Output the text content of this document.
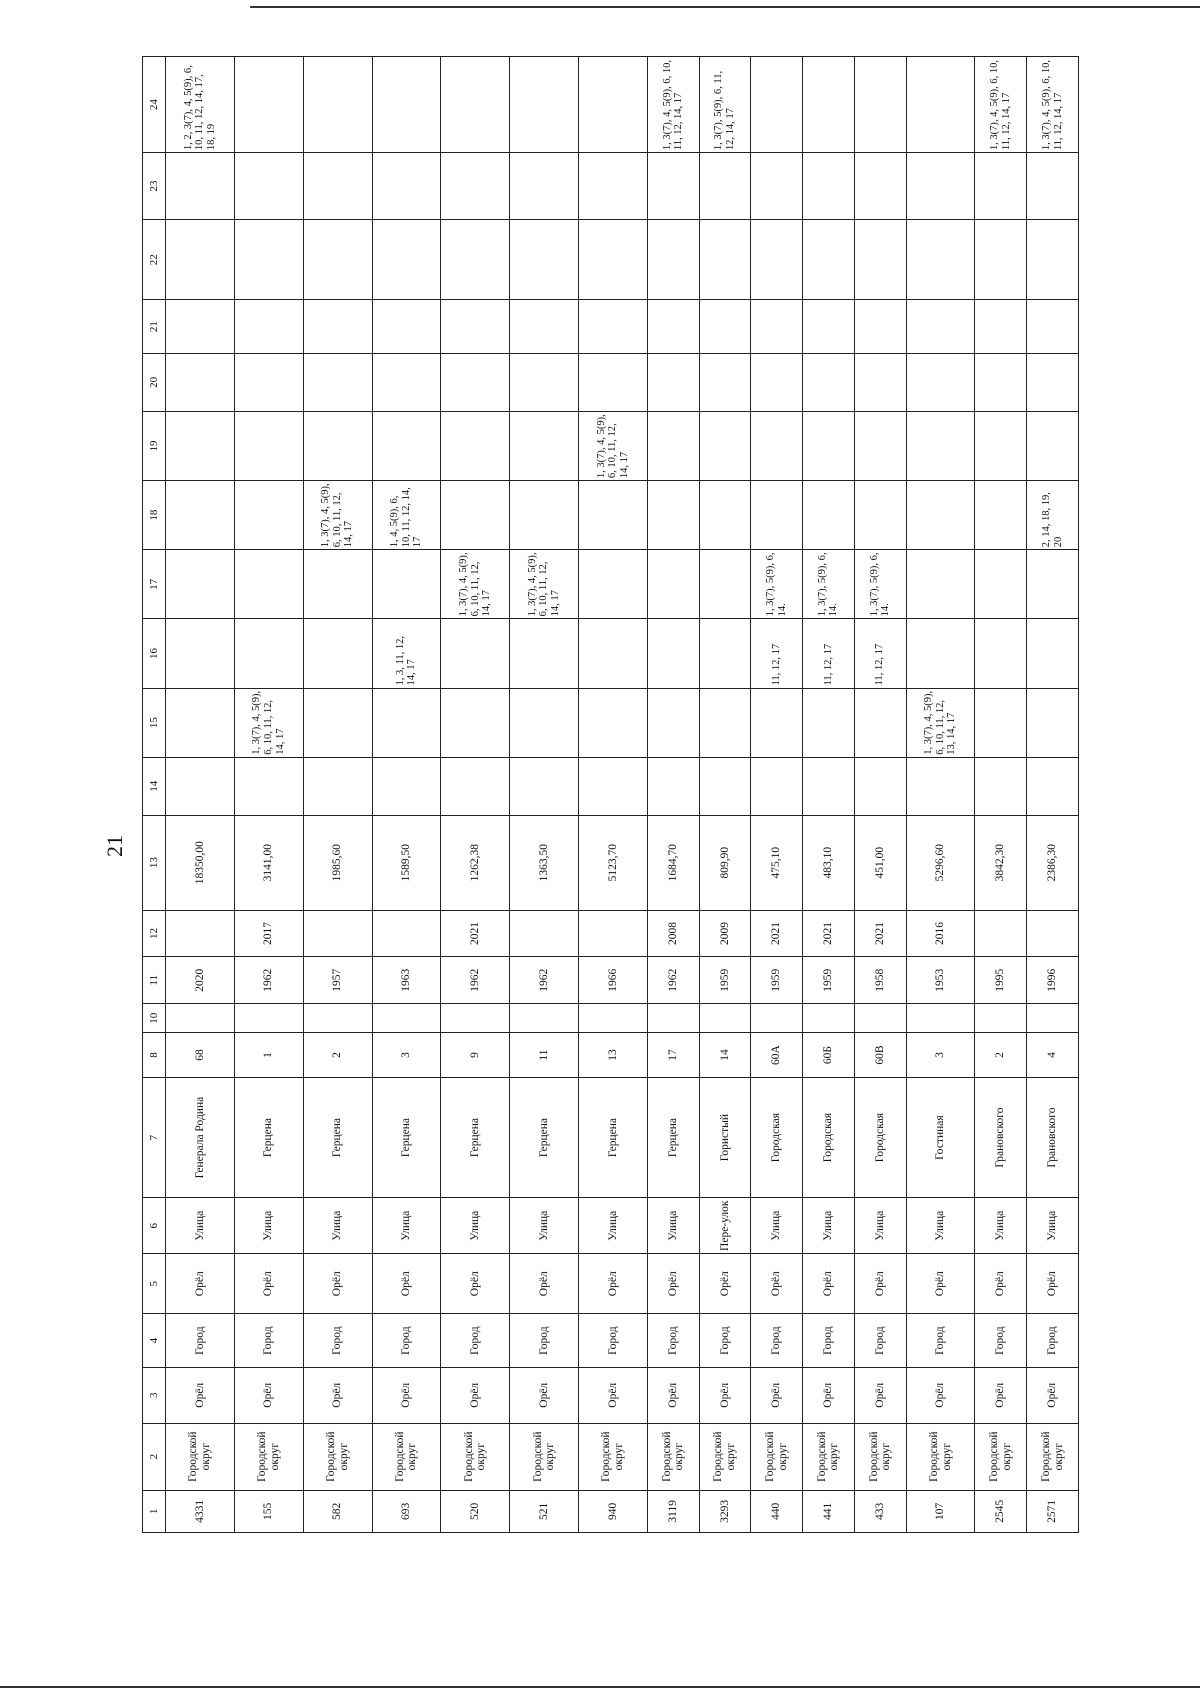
21
1	2	3	4	5	6	7	8	10	11	12	13	14	15	16	17	18	19	20	21	22	23	24
4331	Городской округ	Орёл	Город	Орёл	Улица	Генерала Родина	68		2020		18350,00											1, 2, 3(7), 4, 5(9), 6, 10, 11, 12, 14, 17, 18, 19
155	Городской округ	Орёл	Город	Орёл	Улица	Герцена	1		1962	2017	3141,00		1, 3(7), 4, 5(9), 6, 10, 11, 12, 14, 17									
582	Городской округ	Орёл	Город	Орёл	Улица	Герцена	2		1957		1985,60					1, 3(7), 4, 5(9), 6, 10, 11, 12, 14, 17						
693	Городской округ	Орёл	Город	Орёл	Улица	Герцена	3		1963		1589,50			1, 3, 11, 12, 14, 17		1, 4, 5(9), 6, 10, 11, 12, 14, 17						
520	Городской округ	Орёл	Город	Орёл	Улица	Герцена	9		1962	2021	1262,38				1, 3(7), 4, 5(9), 6, 10, 11, 12, 14, 17							
521	Городской округ	Орёл	Город	Орёл	Улица	Герцена	11		1962		1363,50				1, 3(7), 4, 5(9), 6, 10, 11, 12, 14, 17							
940	Городской округ	Орёл	Город	Орёл	Улица	Герцена	13		1966		5123,70						1, 3(7), 4, 5(9), 6, 10, 11, 12, 14, 17					
3119	Городской округ	Орёл	Город	Орёл	Улица	Герцена	17		1962	2008	1684,70											1, 3(7), 4, 5(9), 6, 10, 11, 12, 14, 17
3293	Городской округ	Орёл	Город	Орёл	Пере-улок	Гористый	14		1959	2009	809,90											1, 3(7), 5(9), 6, 11, 12, 14, 17
440	Городской округ	Орёл	Город	Орёл	Улица	Городская	60А		1959	2021	475,10			11, 12, 17	1, 3(7), 5(9), 6, 14.							
441	Городской округ	Орёл	Город	Орёл	Улица	Городская	60Б		1959	2021	483,10			11, 12, 17	1, 3(7), 5(9), 6, 14.							
433	Городской округ	Орёл	Город	Орёл	Улица	Городская	60В		1958	2021	451,00			11, 12, 17	1, 3(7), 5(9), 6, 14.							
107	Городской округ	Орёл	Город	Орёл	Улица	Гостиная	3		1953	2016	5296,60		1, 3(7), 4, 5(9), 6, 10, 11, 12, 13, 14, 17									
2545	Городской округ	Орёл	Город	Орёл	Улица	Грановского	2		1995		3842,30											1, 3(7), 4, 5(9), 6, 10, 11, 12, 14, 17
2571	Городской округ	Орёл	Город	Орёл	Улица	Грановского	4		1996		2386,30					2, 14, 18, 19, 20						1, 3(7), 4, 5(9), 6, 10, 11, 12, 14, 17
